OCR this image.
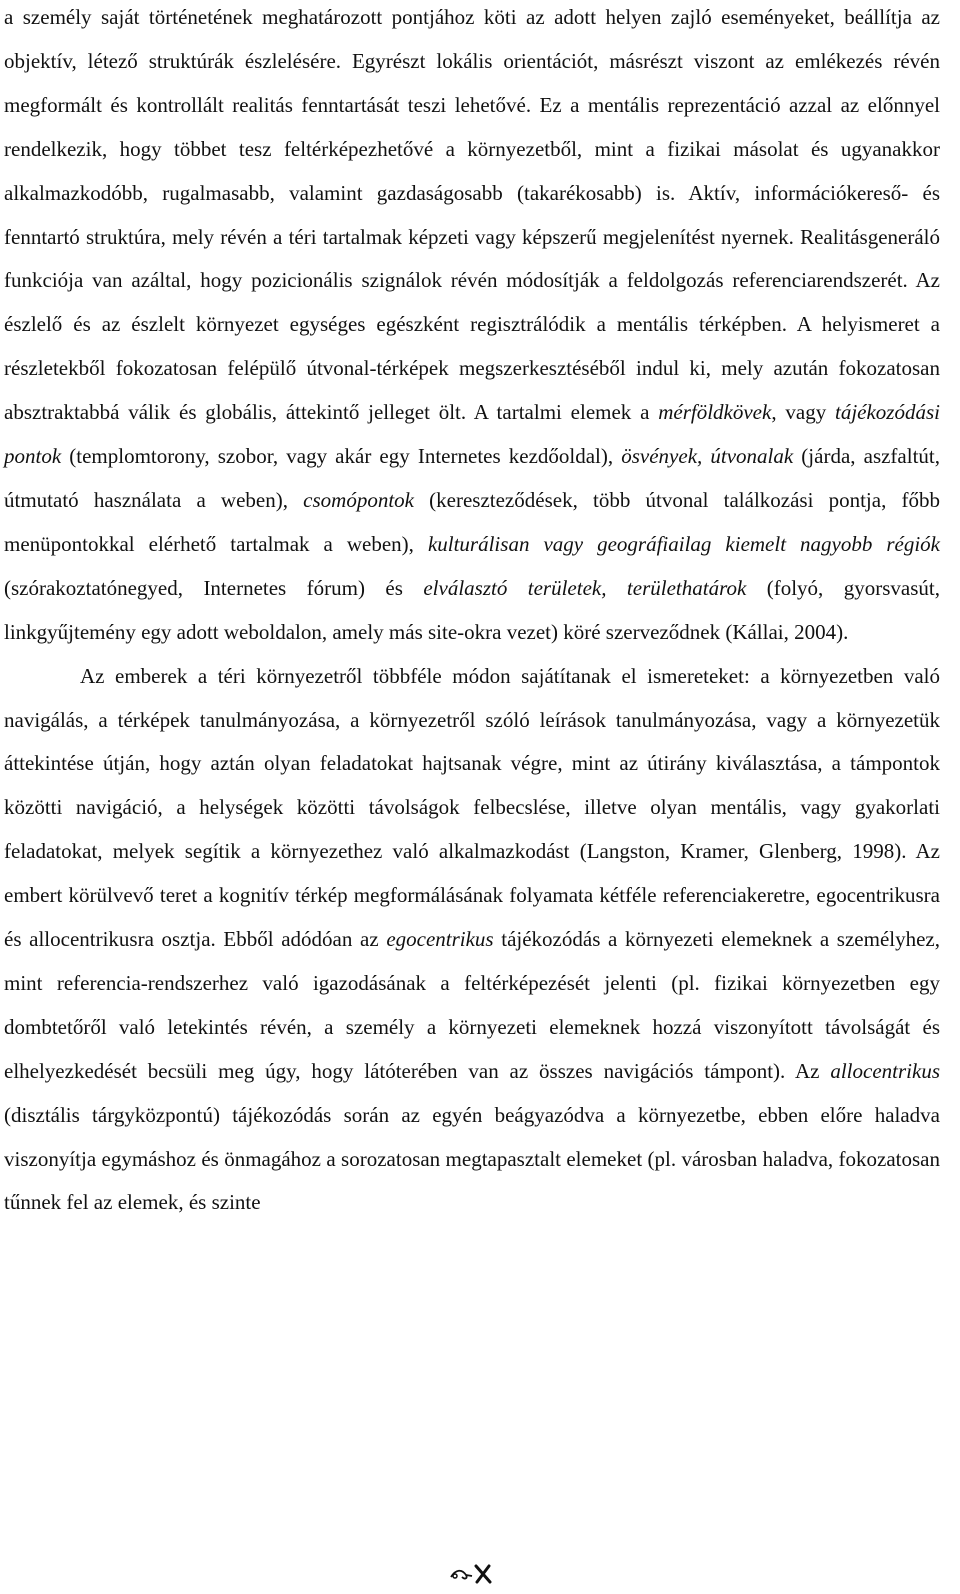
a személy saját történetének meghatározott pontjához köti az adott helyen zajló eseményeket, beállítja az objektív, létező struktúrák észlelésére. Egyrészt lokális orientációt, másrészt viszont az emlékezés révén megformált és kontrollált realitás fenntartását teszi lehetővé. Ez a mentális reprezentáció azzal az előnnyel rendelkezik, hogy többet tesz feltérképezhetővé a környezetből, mint a fizikai másolat és ugyanakkor alkalmazkodóbb, rugalmasabb, valamint gazdaságosabb (takarékosabb) is. Aktív, információkereső- és fenntartó struktúra, mely révén a téri tartalmak képzeti vagy képszerű megjelenítést nyernek. Realitásgeneráló funkciója van azáltal, hogy pozicionális szignálok révén módosítják a feldolgozás referenciarendszerét. Az észlelő és az észlelt környezet egységes egészként regisztrálódik a mentális térképben. A helyismeret a részletekből fokozatosan felépülő útvonal-térképek megszerkesztéséből indul ki, mely azután fokozatosan absztraktabbá válik és globális, áttekintő jelleget ölt. A tartalmi elemek a mérföldkövek, vagy tájékozódási pontok (templomtorony, szobor, vagy akár egy Internetes kezdőoldal), ösvények, útvonalak (járda, aszfaltút, útmutató használata a weben), csomópontok (kereszteződések, több útvonal találkozási pontja, főbb menüpontokkal elérhető tartalmak a weben), kulturálisan vagy geográfiailag kiemelt nagyobb régiók (szórakoztatónegyed, Internetes fórum) és elválasztó területek, területhatárok (folyó, gyorsvasút, linkgyűjtemény egy adott weboldalon, amely más site-okra vezet) köré szerveződnek (Kállai, 2004).

Az emberek a téri környezetről többféle módon sajátítanak el ismereteket: a környezetben való navigálás, a térképek tanulmányozása, a környezetről szóló leírások tanulmányozása, vagy a környezetük áttekintése útján, hogy aztán olyan feladatokat hajtsanak végre, mint az útirány kiválasztása, a támpontok közötti navigáció, a helységek közötti távolságok felbecslése, illetve olyan mentális, vagy gyakorlati feladatokat, melyek segítik a környezethez való alkalmazkodást (Langston, Kramer, Glenberg, 1998). Az embert körülvevő teret a kognitív térkép megformálásának folyamata kétféle referenciakeretre, egocentrikusra és allocentrikusra osztja. Ebből adódóan az egocentrikus tájékozódás a környezeti elemeknek a személyhez, mint referencia-rendszerhez való igazodásának a feltérképezését jelenti (pl. fizikai környezetben egy dombtetőről való letekintés révén, a személy a környezeti elemeknek hozzá viszonyított távolságát és elhelyezkedését becsüli meg úgy, hogy látóterében van az összes navigációs támpont). Az allocentrikus (disztális tárgyközpontú) tájékozódás során az egyén beágyazódva a környezetbe, ebben előre haladva viszonyítja egymáshoz és önmagához a sorozatosan megtapasztalt elemeket (pl. városban haladva, fokozatosan tűnnek fel az elemek, és szinte
